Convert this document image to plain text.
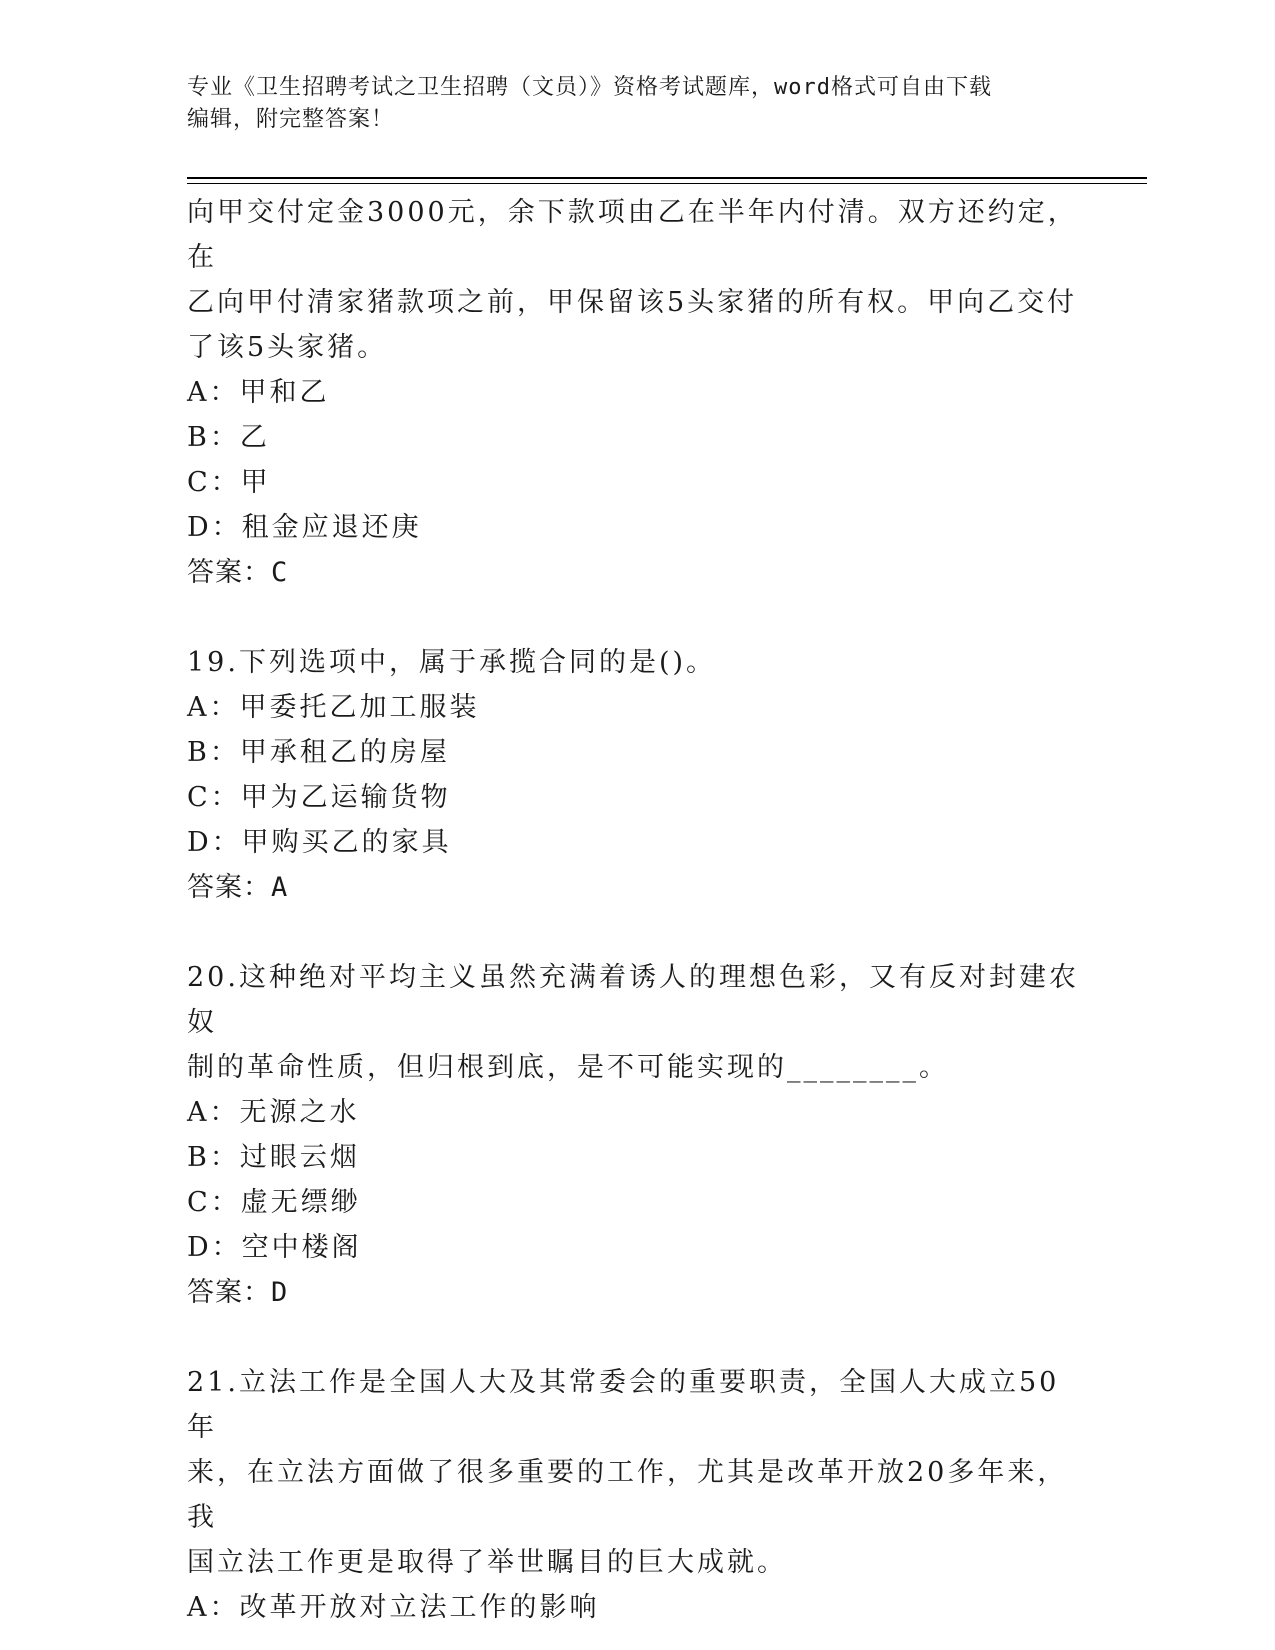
专业《卫生招聘考试之卫生招聘（文员）》资格考试题库，word格式可自由下载
编辑，附完整答案！
向甲交付定金3000元，余下款项由乙在半年内付清。双方还约定，在
乙向甲付清家猪款项之前，甲保留该5头家猪的所有权。甲向乙交付
了该5头家猪。
A：甲和乙
B：乙
C：甲
D：租金应退还庚
答案：C
19.下列选项中，属于承揽合同的是()。
A：甲委托乙加工服装
B：甲承租乙的房屋
C：甲为乙运输货物
D：甲购买乙的家具
答案：A
20.这种绝对平均主义虽然充满着诱人的理想色彩，又有反对封建农奴
制的革命性质，但归根到底，是不可能实现的________。
A：无源之水
B：过眼云烟
C：虚无缥缈
D：空中楼阁
答案：D
21.立法工作是全国人大及其常委会的重要职责，全国人大成立50年
来，在立法方面做了很多重要的工作，尤其是改革开放20多年来，我
国立法工作更是取得了举世瞩目的巨大成就。
A：改革开放对立法工作的影响
